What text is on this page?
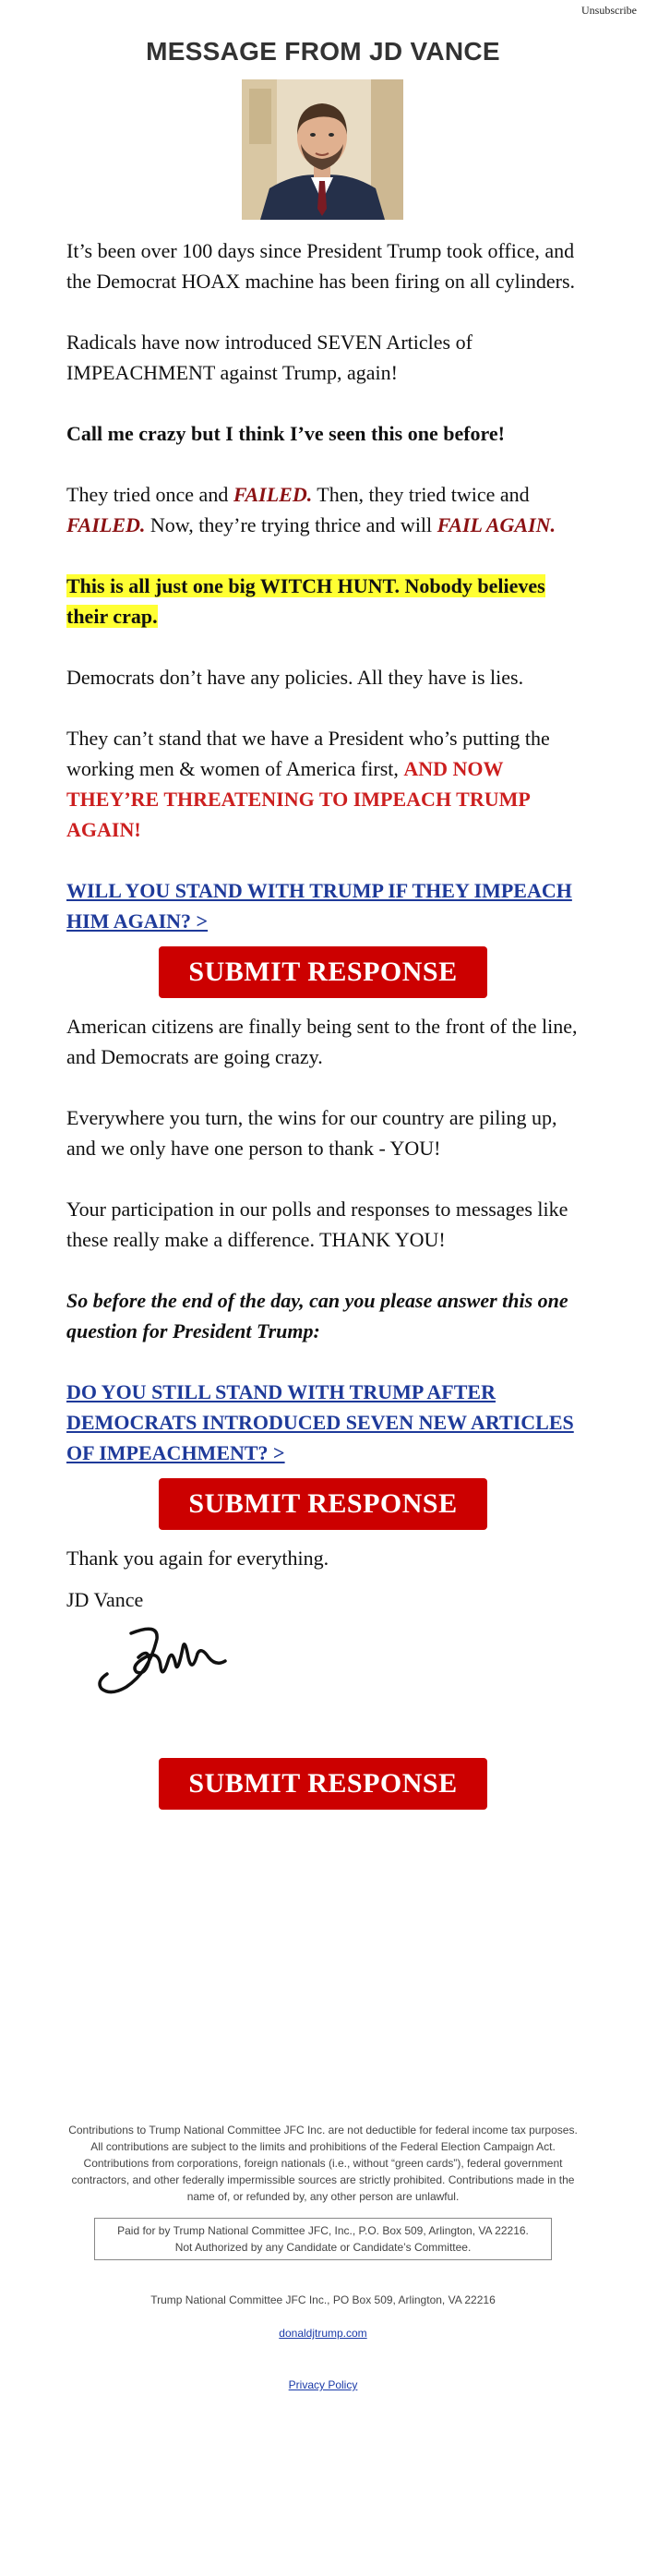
Unsubscribe
MESSAGE FROM JD VANCE

It’s been over 100 days since President Trump took office, and the Democrat HOAX machine has been firing on all cylinders.

Radicals have now introduced SEVEN Articles of IMPEACHMENT against Trump, again!

Call me crazy but I think I’ve seen this one before!

They tried once and FAILED. Then, they tried twice and FAILED. Now, they’re trying thrice and will FAIL AGAIN.

This is all just one big WITCH HUNT. Nobody believes their crap.

Democrats don’t have any policies. All they have is lies.

They can’t stand that we have a President who’s putting the working men & women of America first, AND NOW THEY’RE THREATENING TO IMPEACH TRUMP AGAIN!

WILL YOU STAND WITH TRUMP IF THEY IMPEACH HIM AGAIN? >

SUBMIT RESPONSE

American citizens are finally being sent to the front of the line, and Democrats are going crazy.

Everywhere you turn, the wins for our country are piling up, and we only have one person to thank - YOU!

Your participation in our polls and responses to messages like these really make a difference. THANK YOU!

So before the end of the day, can you please answer this one question for President Trump:

DO YOU STILL STAND WITH TRUMP AFTER DEMOCRATS INTRODUCED SEVEN NEW ARTICLES OF IMPEACHMENT? >

SUBMIT RESPONSE

Thank you again for everything.

JD Vance

SUBMIT RESPONSE
Contributions to Trump National Committee JFC Inc. are not deductible for federal income tax purposes. All contributions are subject to the limits and prohibitions of the Federal Election Campaign Act. Contributions from corporations, foreign nationals (i.e., without “green cards”), federal government contractors, and other federally impermissible sources are strictly prohibited. Contributions made in the name of, or refunded by, any other person are unlawful.
Paid for by Trump National Committee JFC, Inc., P.O. Box 509, Arlington, VA 22216.
Not Authorized by any Candidate or Candidate’s Committee.
Trump National Committee JFC Inc., PO Box 509, Arlington, VA 22216
donaldjtrump.com
Privacy Policy
